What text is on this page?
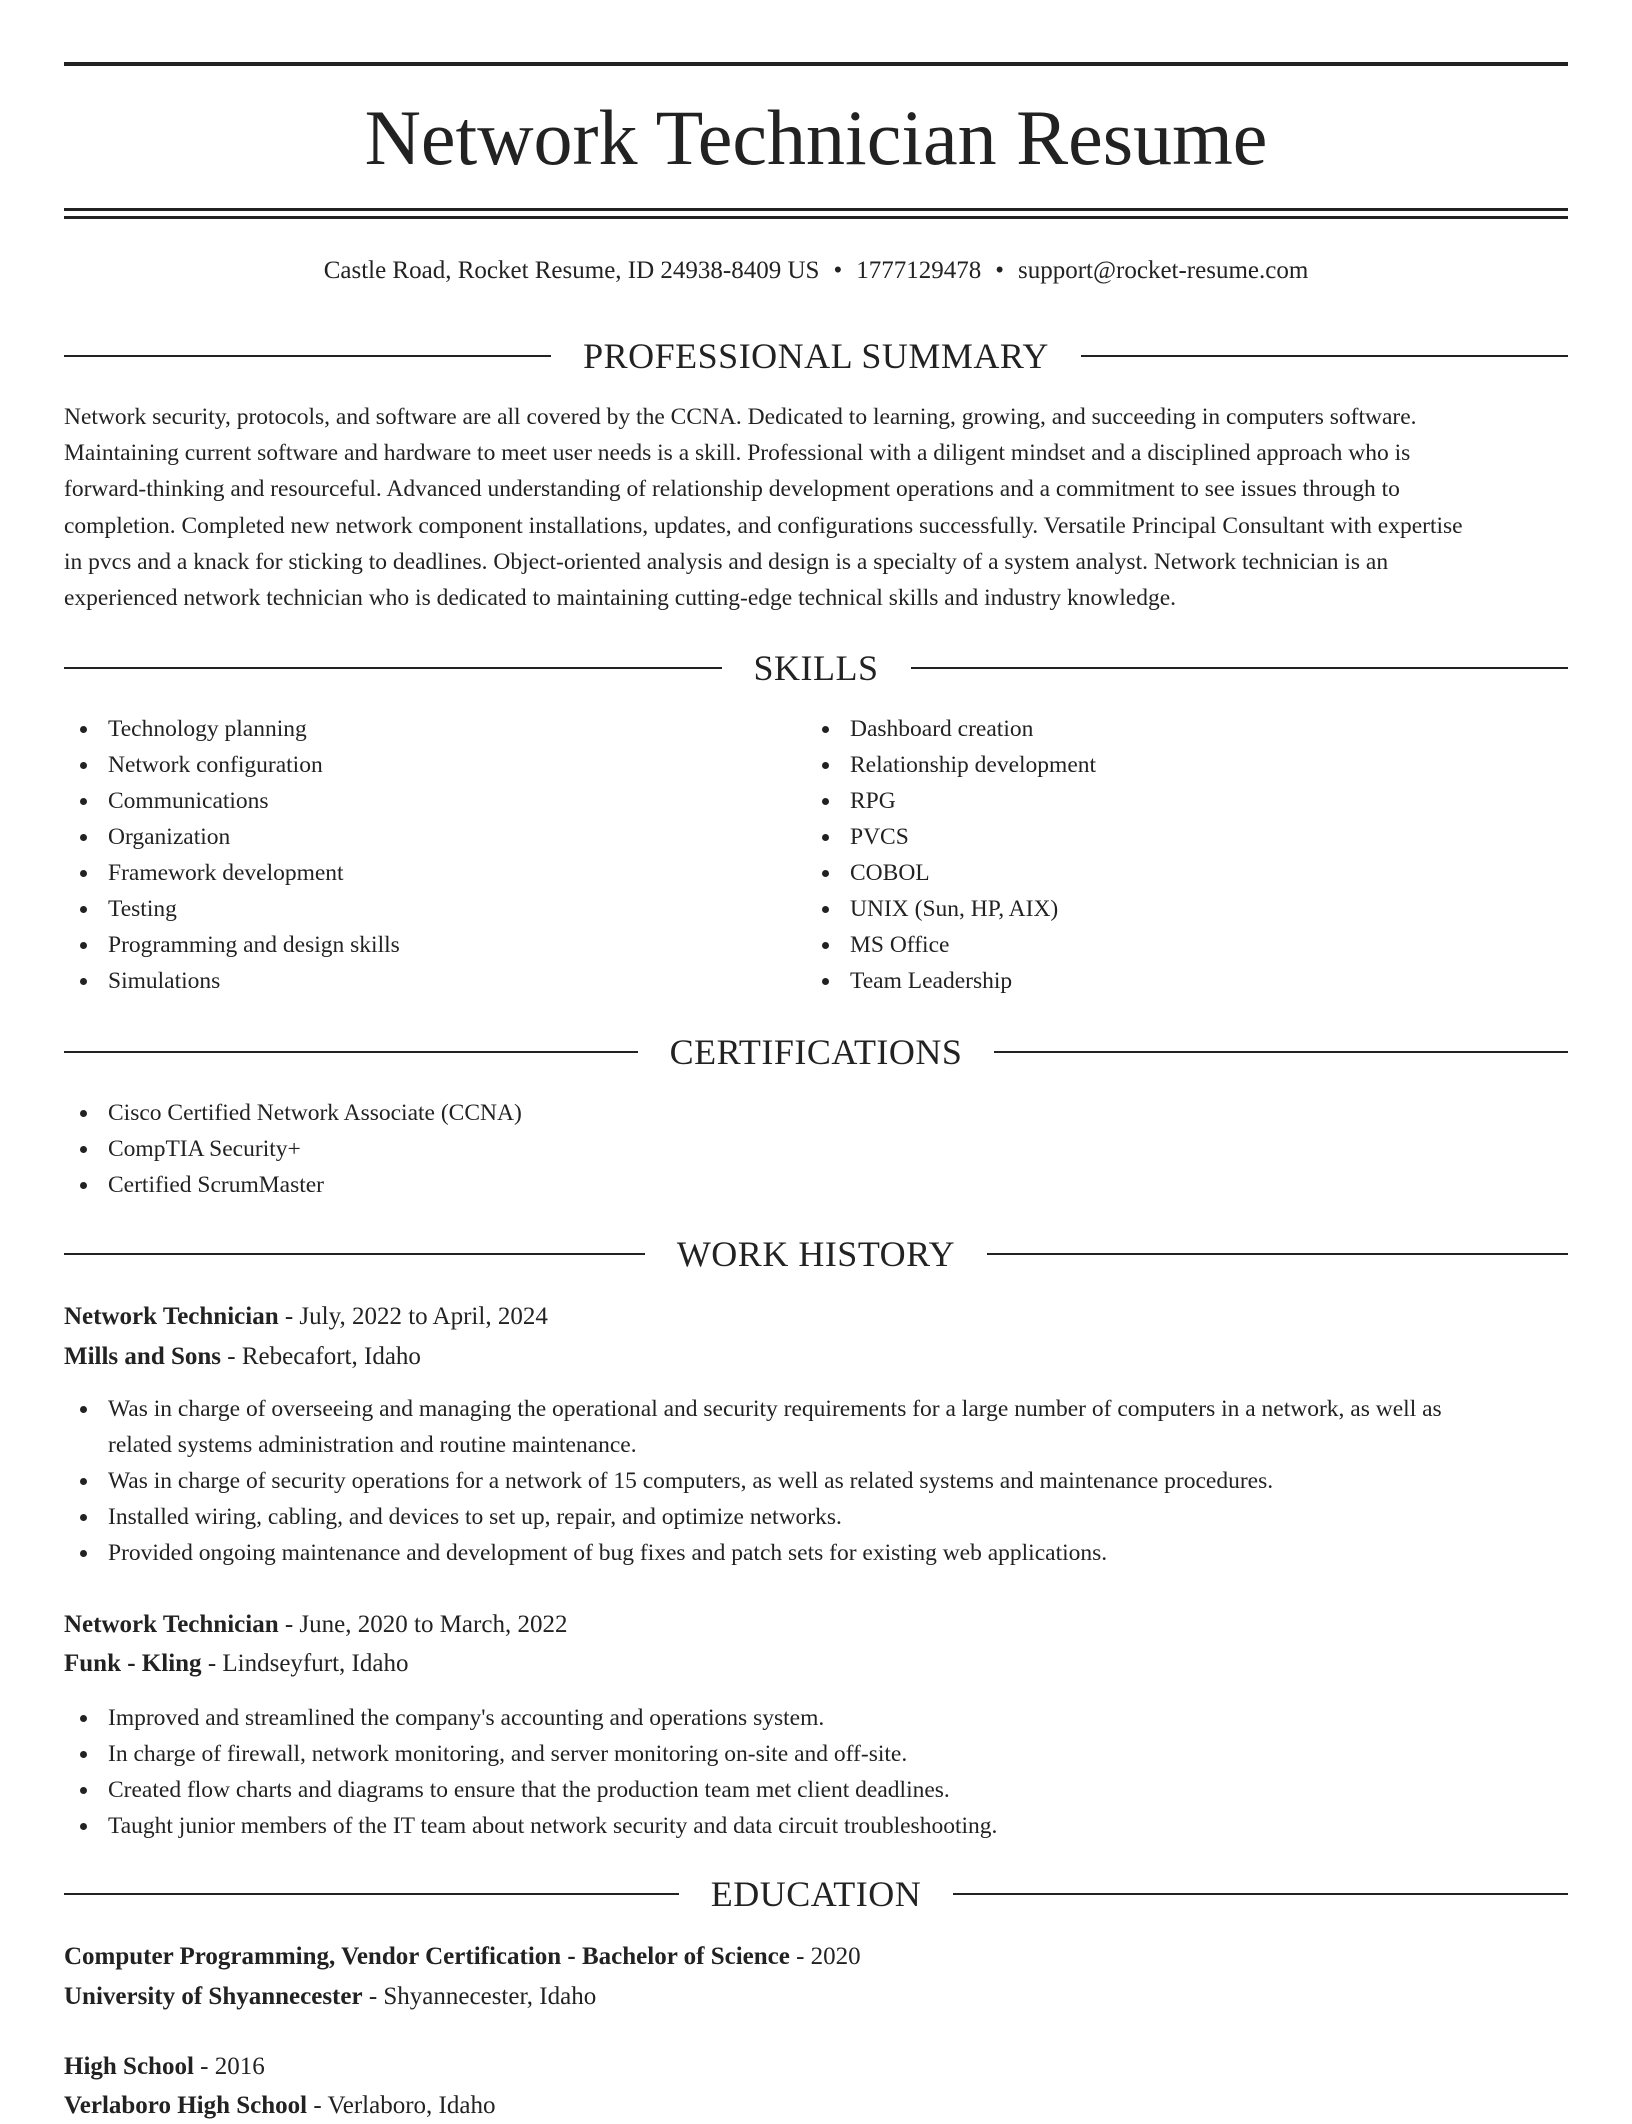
Network Technician Resume
Castle Road, Rocket Resume, ID 24938-8409 US • 1777129478 • support@rocket-resume.com
PROFESSIONAL SUMMARY
Network security, protocols, and software are all covered by the CCNA. Dedicated to learning, growing, and succeeding in computers software.
Maintaining current software and hardware to meet user needs is a skill. Professional with a diligent mindset and a disciplined approach who is
forward-thinking and resourceful. Advanced understanding of relationship development operations and a commitment to see issues through to
completion. Completed new network component installations, updates, and configurations successfully. Versatile Principal Consultant with expertise
in pvcs and a knack for sticking to deadlines. Object-oriented analysis and design is a specialty of a system analyst. Network technician is an
experienced network technician who is dedicated to maintaining cutting-edge technical skills and industry knowledge.
SKILLS
Technology planning
Network configuration
Communications
Organization
Framework development
Testing
Programming and design skills
Simulations
Dashboard creation
Relationship development
RPG
PVCS
COBOL
UNIX (Sun, HP, AIX)
MS Office
Team Leadership
CERTIFICATIONS
Cisco Certified Network Associate (CCNA)
CompTIA Security+
Certified ScrumMaster
WORK HISTORY
Network Technician - July, 2022 to April, 2024
Mills and Sons - Rebecafort, Idaho
Was in charge of overseeing and managing the operational and security requirements for a large number of computers in a network, as well as
related systems administration and routine maintenance.
Was in charge of security operations for a network of 15 computers, as well as related systems and maintenance procedures.
Installed wiring, cabling, and devices to set up, repair, and optimize networks.
Provided ongoing maintenance and development of bug fixes and patch sets for existing web applications.
Network Technician - June, 2020 to March, 2022
Funk - Kling - Lindseyfurt, Idaho
Improved and streamlined the company's accounting and operations system.
In charge of firewall, network monitoring, and server monitoring on-site and off-site.
Created flow charts and diagrams to ensure that the production team met client deadlines.
Taught junior members of the IT team about network security and data circuit troubleshooting.
EDUCATION
Computer Programming, Vendor Certification - Bachelor of Science - 2020
University of Shyannecester - Shyannecester, Idaho
High School - 2016
Verlaboro High School - Verlaboro, Idaho
